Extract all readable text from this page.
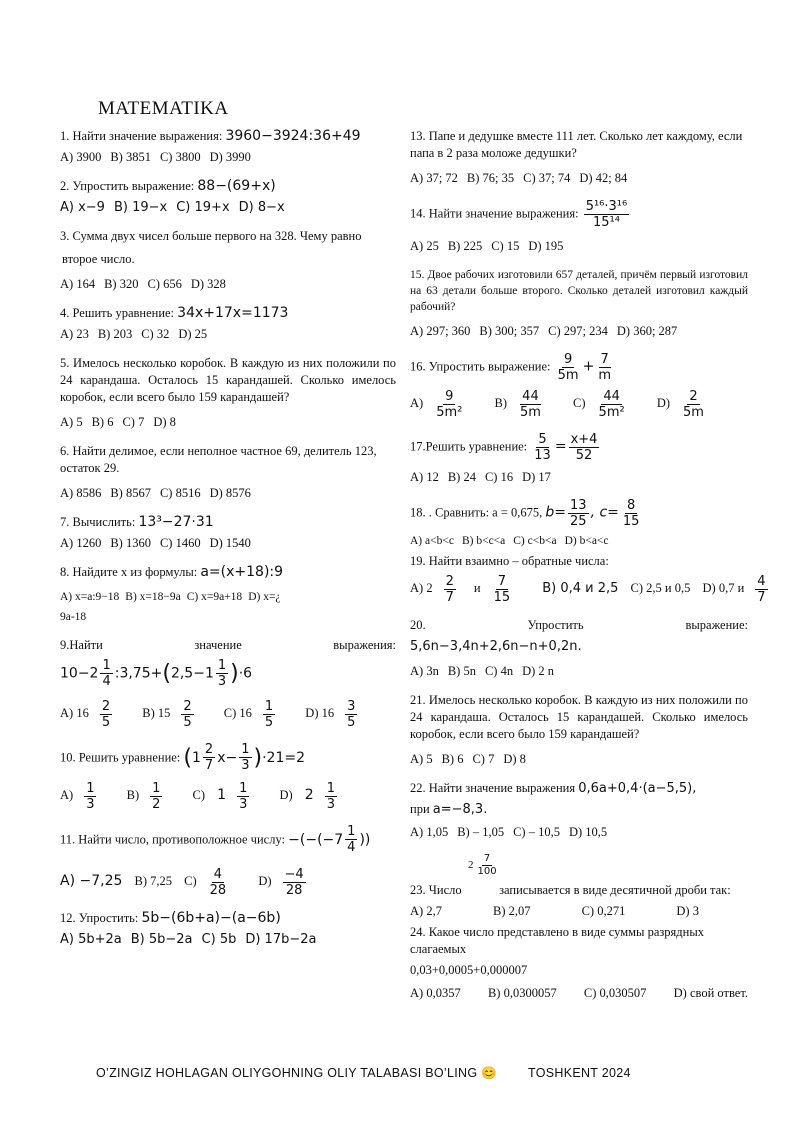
MATEMATIKA
1. Найти значение выражения: 3960−3924:36+49
A) 3900 B) 3851 C) 3800 D) 3990
2. Упростить выражение: 88−(69+x)
A) x−9 B) 19−x C) 19+x D) 8−x
3. Сумма двух чисел больше первого на 328. Чему равно
второе число.
A) 164 B) 320 C) 656 D) 328
4. Решить уравнение: 34x+17x=1173
A) 23 B) 203 C) 32 D) 25
5. Имелось несколько коробок. В каждую из них положили по 24 карандаша. Осталось 15 карандашей. Сколько имелось коробок, если всего было 159 карандашей?
A) 5 B) 6 C) 7 D) 8
6. Найти делимое, если неполное частное 69, делитель 123, остаток 29.
A) 8586 B) 8567 C) 8516 D) 8576
7. Вычислить: 13³−27·31
A) 1260 B) 1360 C) 1460 D) 1540
8. Найдите x из формулы: a=(x+18):9
A) x=a:9−18 B) x=18−9a C) x=9a+18 D) x=¿
9a-18
9.Найти	значение	выражения:
$10-2 \frac{1}{4}$ :3,75+(2,5−1 $\frac{1}{3} )\cdot 6$
A) $16 \frac{2}{5} B$) $15 \frac{2}{5} C$) $16 \frac{1}{5} D$) $16 \frac{3}{5}$
10. Решить уравнение: $(1 \frac{2}{7} x- \frac{1}{3} )\cdot 21=2$
$A) \frac{1}{3} B) \frac{1}{2} C$) $1 \frac{1}{3} D$) $2 \frac{1}{3}$
11. Найти число, противоположное числу: $-(-(-7 \frac{1}{4}$ ))
A) −7,25 B) 7,25 $C) \frac{4}{28} D) \frac{-4}{28}$
12. Упростить: 5b−(6b+a)−(a−6b)
A) 5b+2a B) 5b−2a C) 5b D) 17b−2a
13. Папе и дедушке вместе 111 лет. Сколько лет каждому, если папа в 2 раза моложе дедушки?
A) 37; 72 B) 76; 35 C) 37; 74 D) 42; 84
14. Найти значение выражения: $\frac{\text{5¹⁶·3¹⁶}}{\text{15¹⁴}}$
A) 25 B) 225 C) 15 D) 195
15. Двое рабочих изготовили 657 деталей, причём первый изготовил на 63 детали больше второго. Сколько деталей изготовил каждый рабочий?
A) 297; 360 B) 300; 357 C) 297; 234 D) 360; 287
16. Упростить выражение: $\frac{9}{5m} + \frac{7}{m}$
$A) \frac{9}{\text{5m²}} B) \frac{44}{5m} C) \frac{44}{\text{5m²}} D) \frac{2}{5m}$
17.Решить уравнение: $\frac{5}{13} = \frac{x+4}{52}$
A) 12 B) 24 C) 16 D) 17
18. . Сравнить: a = 0,675, $b= \frac{13}{25}$ , $c= \frac{8}{15}$
A) a<b<c B) b<c<a C) c<b<a D) b<a<c
19. Найти взаимно – обратные числа:
A) $2 \frac{2}{7}$ и $\frac{7}{15} B$) 0,4 и 2,5 C) 2,5 и 0,5 D) 0,7 и $\frac{4}{7}$
20.	Упростить	выражение:
5,6n−3,4n+2,6n−n+0,2n.
A) 3n B) 5n C) 4n D) 2 n
21. Имелось несколько коробок. В каждую из них положили по 24 карандаша. Осталось 15 карандашей. Сколько имелось коробок, если всего было 159 карандашей?
A) 5 B) 6 C) 7 D) 8
22. Найти значение выражения 0,6a+0,4·(a−5,5),
при a=−8,3.
A) 1,05 B) – 1,05 C) – 10,5 D) 10,5
$2 \frac{7}{100}$
23. Число	записывается в виде десятичной дроби так:
A) 2,7	B) 2,07	C) 0,271	D) 3
24. Какое число представлено в виде суммы разрядных слагаемых
0,03+0,0005+0,000007
A) 0,0357 B) 0,0300057 C) 0,030507 D) свой ответ.
O’ZINGIZ HOHLAGAN OLIYGOHNING OLIY TALABASI BO’LING 😊 TOSHKENT 2024
